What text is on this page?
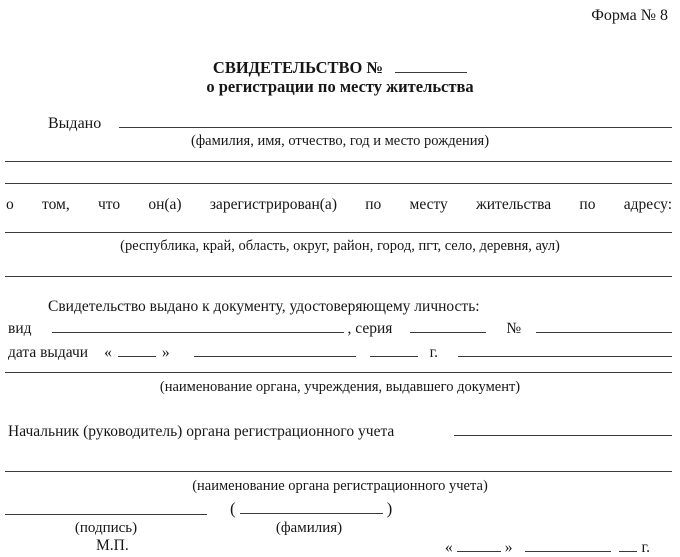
Форма № 8
СВИДЕТЕЛЬСТВО №
о регистрации по месту жительства
Выдано
(фамилия, имя, отчество, год и место рождения)
о том, что он(а) зарегистрирован(а) по месту жительства по адресу:
(республика, край, область, округ, район, город, пгт, село, деревня, аул)
Свидетельство выдано к документу, удостоверяющему личность:
вид	, серия	№
дата выдачи «	»	г.
(наименование органа, учреждения, выдавшего документ)
Начальник (руководитель) органа регистрационного учета
(наименование органа регистрационного учета)
(	)
(подпись)	(фамилия)
М.П.	«	»	г.
